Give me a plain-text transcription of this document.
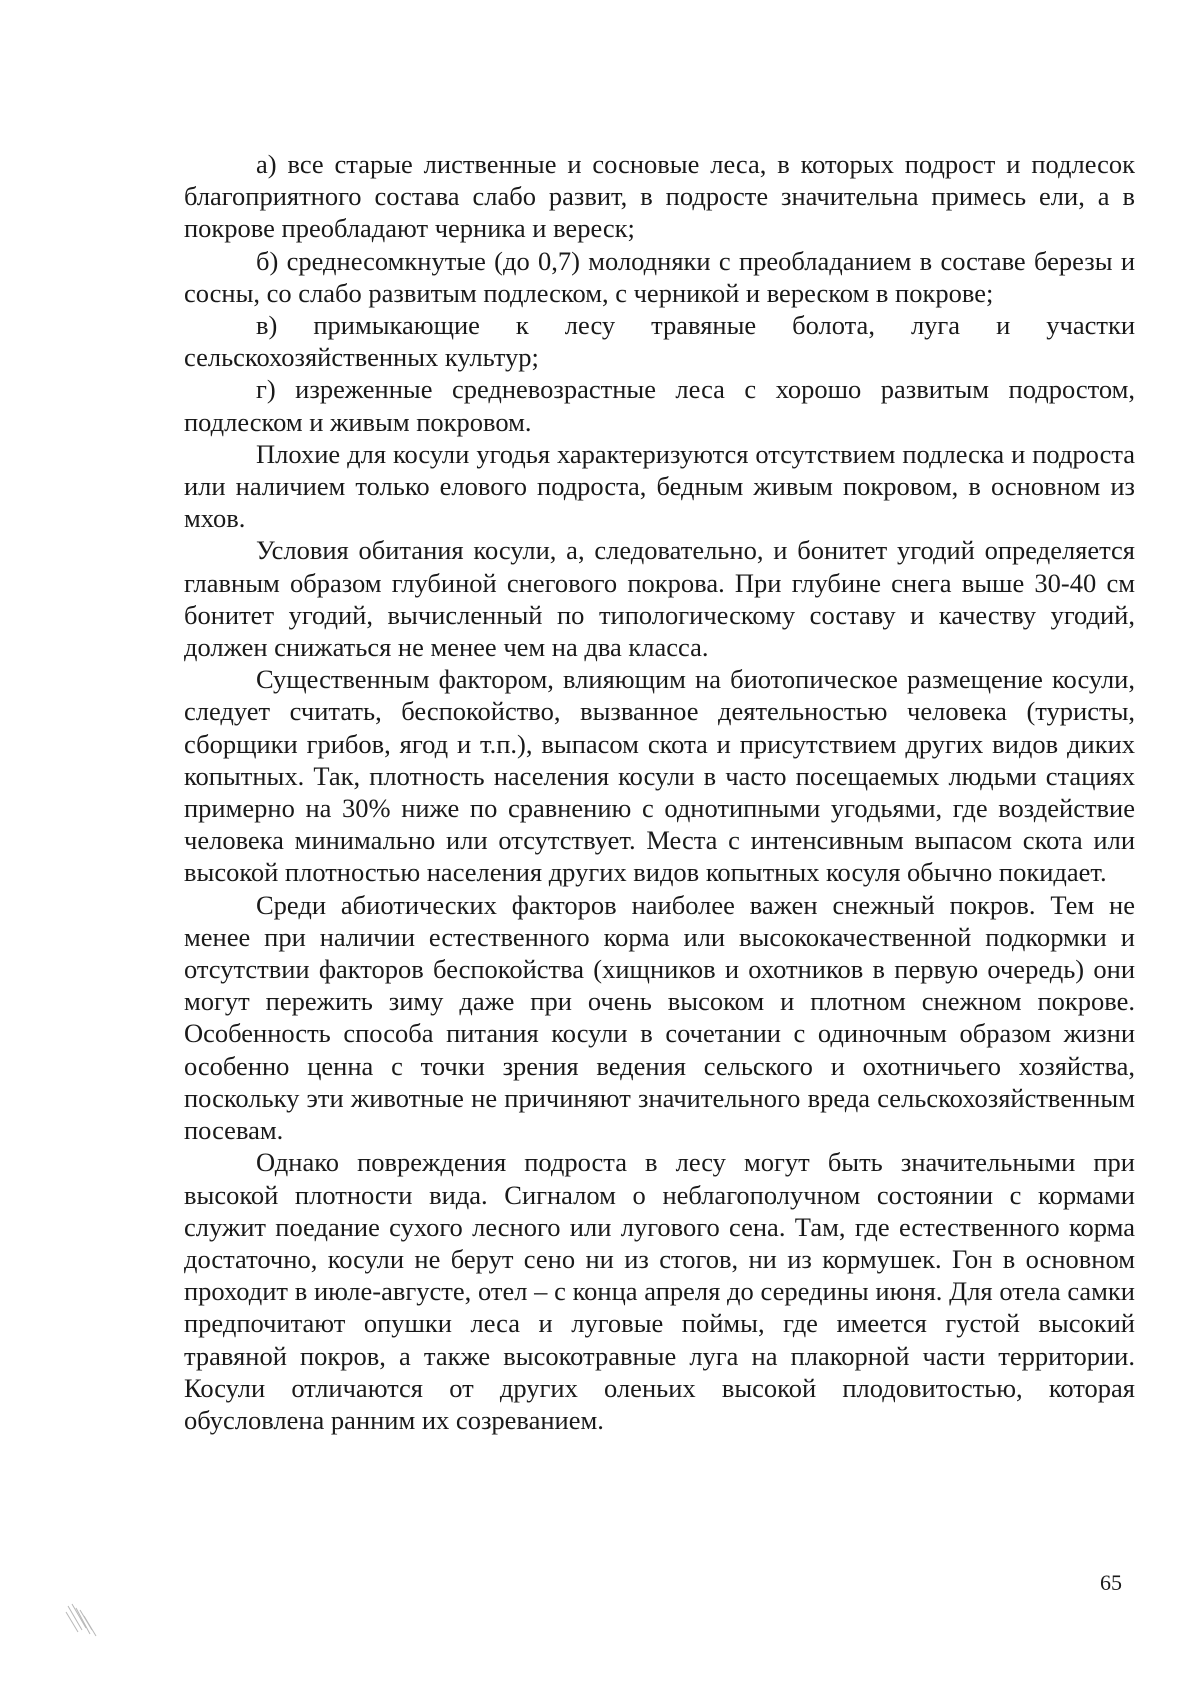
а) все старые лиственные и сосновые леса, в которых подрост и подлесок благоприятного состава слабо развит, в подросте значительна примесь ели, а в покрове преобладают черника и вереск;

б) среднесомкнутые (до 0,7) молодняки с преобладанием в составе березы и сосны, со слабо развитым подлеском, с черникой и вереском в покрове;

в) примыкающие к лесу травяные болота, луга и участки сельскохозяйственных культур;

г) изреженные средневозрастные леса с хорошо развитым подростом, подлеском и живым покровом.

Плохие для косули угодья характеризуются отсутствием подлеска и подроста или наличием только елового подроста, бедным живым покровом, в основном из мхов.

Условия обитания косули, а, следовательно, и бонитет угодий определяется главным образом глубиной снегового покрова. При глубине снега выше 30-40 см бонитет угодий, вычисленный по типологическому составу и качеству угодий, должен снижаться не менее чем на два класса.

Существенным фактором, влияющим на биотопическое размещение косули, следует считать, беспокойство, вызванное деятельностью человека (туристы, сборщики грибов, ягод и т.п.), выпасом скота и присутствием других видов диких копытных. Так, плотность населения косули в часто посещаемых людьми стациях примерно на 30% ниже по сравнению с однотипными угодьями, где воздействие человека минимально или отсутствует. Места с интенсивным выпасом скота или высокой плотностью населения других видов копытных косуля обычно покидает.

Среди абиотических факторов наиболее важен снежный покров. Тем не менее при наличии естественного корма или высококачественной подкормки и отсутствии факторов беспокойства (хищников и охотников в первую очередь) они могут пережить зиму даже при очень высоком и плотном снежном покрове. Особенность способа питания косули в сочетании с одиночным образом жизни особенно ценна с точки зрения ведения сельского и охотничьего хозяйства, поскольку эти животные не причиняют значительного вреда сельскохозяйственным посевам.

Однако повреждения подроста в лесу могут быть значительными при высокой плотности вида. Сигналом о неблагополучном состоянии с кормами служит поедание сухого лесного или лугового сена. Там, где естественного корма достаточно, косули не берут сено ни из стогов, ни из кормушек. Гон в основном проходит в июле-августе, отел – с конца апреля до середины июня. Для отела самки предпочитают опушки леса и луговые поймы, где имеется густой высокий травяной покров, а также высокотравные луга на плакорной части территории. Косули отличаются от других оленьих высокой плодовитостью, которая обусловлена ранним их созреванием.

65
